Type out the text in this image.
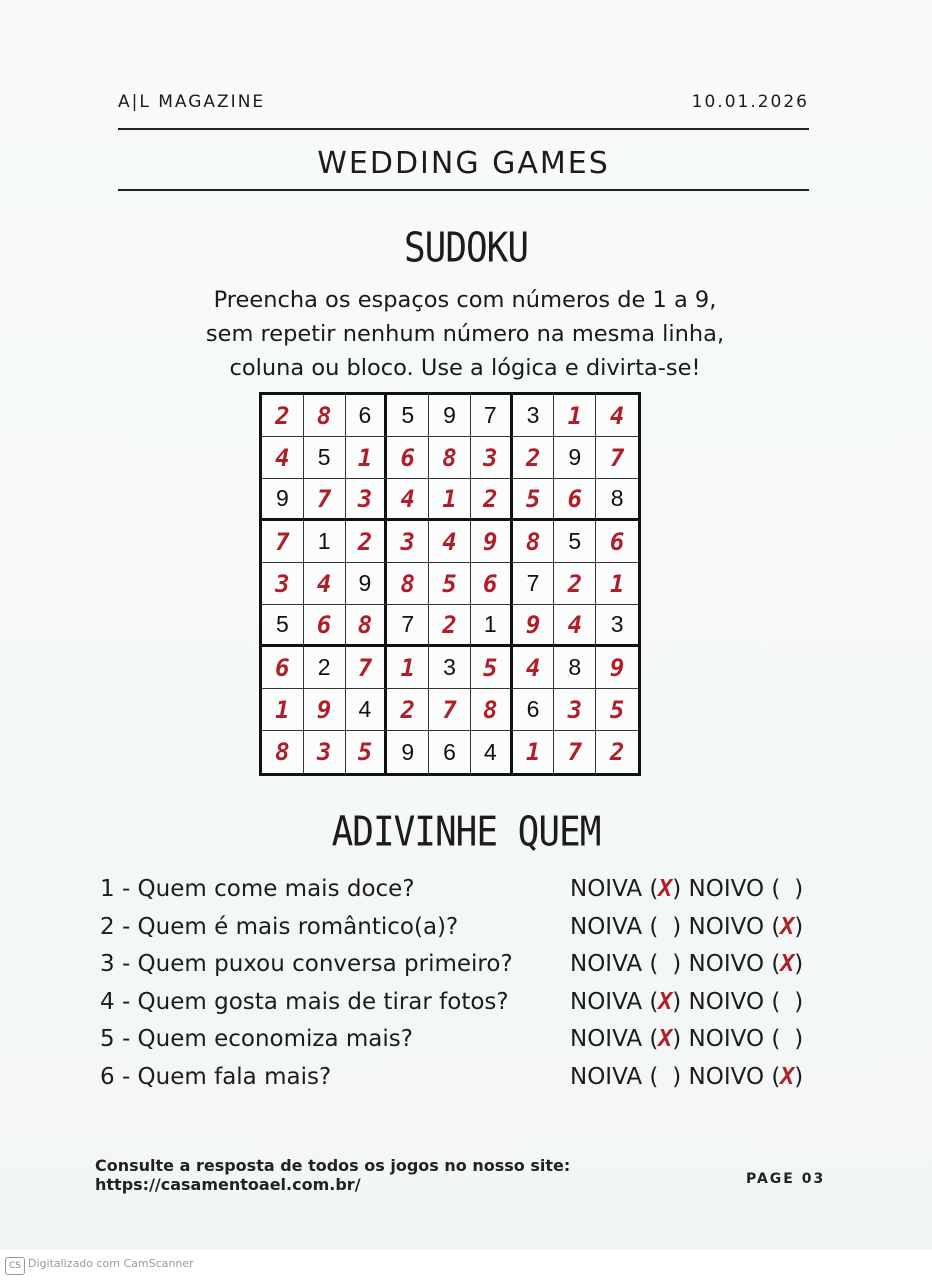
A|L MAGAZINE	10.01.2026
WEDDING GAMES
SUDOKU
Preencha os espaços com números de 1 a 9,
sem repetir nenhum número na mesma linha,
coluna ou bloco. Use a lógica e divirta-se!
2	8	6	5	9	7	3	1	4
4	5	1	6	8	3	2	9	7
9	7	3	4	1	2	5	6	8
7	1	2	3	4	9	8	5	6
3	4	9	8	5	6	7	2	1
5	6	8	7	2	1	9	4	3
6	2	7	1	3	5	4	8	9
1	9	4	2	7	8	6	3	5
8	3	5	9	6	4	1	7	2
ADIVINHE QUEM
1 - Quem come mais doce?	NOIVA (X) NOIVO ( )
2 - Quem é mais romântico(a)?	NOIVA ( ) NOIVO (X)
3 - Quem puxou conversa primeiro? NOIVA ( ) NOIVO (X)
4 - Quem gosta mais de tirar fotos?	NOIVA (X) NOIVO ( )
5 - Quem economiza mais?	NOIVA (X) NOIVO ( )
6 - Quem fala mais?	NOIVA ( ) NOIVO (X)
Consulte a resposta de todos os jogos no nosso site:
https://casamentoael.com.br/	PAGE 03
CS Digitalizado com CamScanner
